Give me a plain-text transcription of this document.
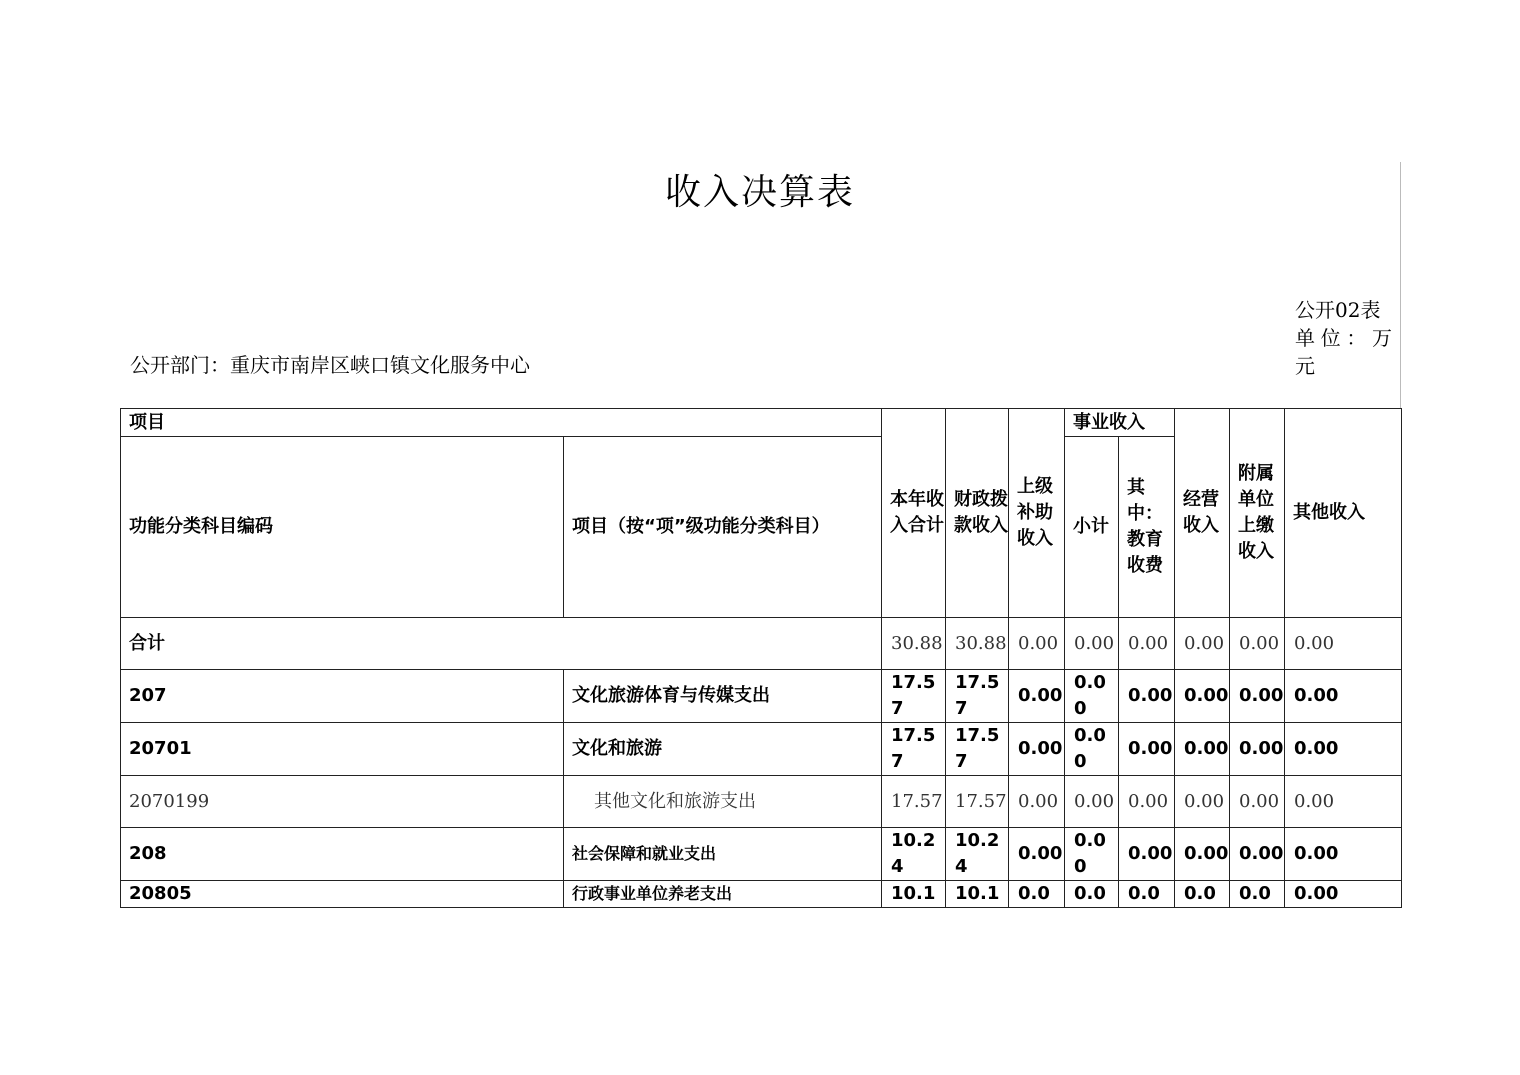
收入决算表
公开部门：重庆市南岸区峡口镇文化服务中心
公开02表
单位：万元
项目		本年收入合计	财政拨款收入	上级补助收入	事业收入		经营收入	附属单位上缴收入	其他收入
功能分类科目编码	项目（按“项”级功能分类科目）				小计	其中：教育收费			
合计		30.88	30.88	0.00	0.00	0.00	0.00	0.00	0.00
207	文化旅游体育与传媒支出	17.57	17.57	0.00	0.00	0.00	0.00	0.00	0.00
20701	文化和旅游	17.57	17.57	0.00	0.00	0.00	0.00	0.00	0.00
2070199	其他文化和旅游支出	17.57	17.57	0.00	0.00	0.00	0.00	0.00	0.00
208	社会保障和就业支出	10.24	10.24	0.00	0.00	0.00	0.00	0.00	0.00
20805	行政事业单位养老支出	10.1	10.1	0.0	0.0	0.0	0.0	0.0	0.00
